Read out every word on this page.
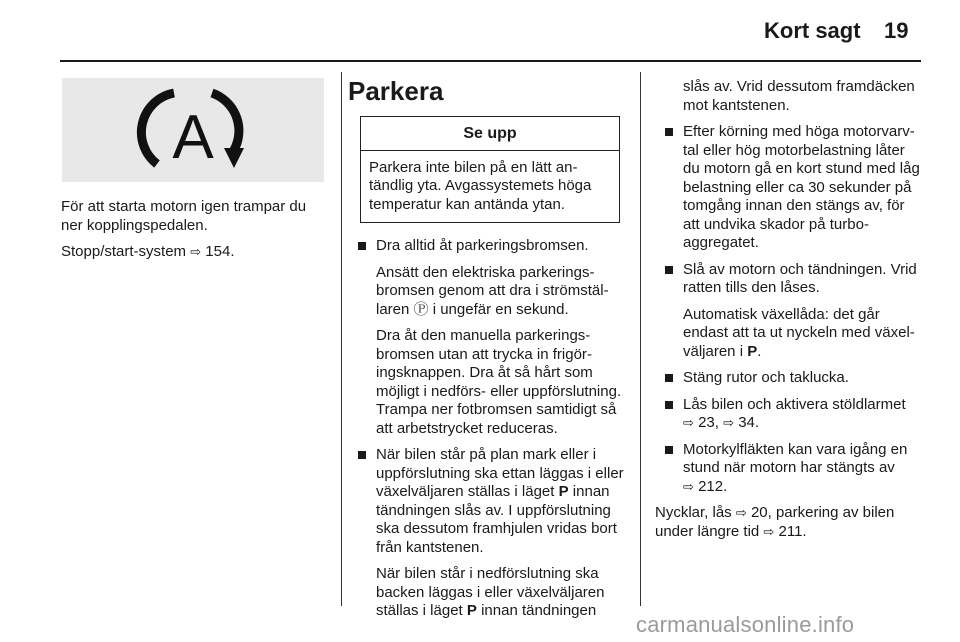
Kort sagt 19
A

För att starta motorn igen trampar du ner kopplingspedalen.

Stopp/start-system ⇨ 154.

Parkera
Se upp
Parkera inte bilen på en lätt antändlig yta. Avgassystemets höga temperatur kan antända ytan.

Dra alltid åt parkeringsbromsen.

Ansätt den elektriska parkeringsbromsen genom att dra i strömställaren Ⓟ i ungefär en sekund.

Dra åt den manuella parkeringsbromsen utan att trycka in frigöringsknappen. Dra åt så hårt som möjligt i nedförs- eller uppförslutning. Trampa ner fotbromsen samtidigt så att arbetstrycket reduceras.

När bilen står på plan mark eller i uppförslutning ska ettan läggas i eller växelväljaren ställas i läget P innan tändningen slås av. I uppförslutning ska dessutom framhjulen vridas bort från kantstenen.

När bilen står i nedförslutning ska backen läggas i eller växelväljaren ställas i läget P innan tändningen

slås av. Vrid dessutom framdäcken mot kantstenen.

Efter körning med höga motorvarvtal eller hög motorbelastning låter du motorn gå en kort stund med låg belastning eller ca 30 sekunder på tomgång innan den stängs av, för att undvika skador på turboaggregatet.

Slå av motorn och tändningen. Vrid ratten tills den låses.

Automatisk växellåda: det går endast att ta ut nyckeln med växelväljaren i P.

Stäng rutor och taklucka.

Lås bilen och aktivera stöldlarmet
⇨ 23, ⇨ 34.

Motorkylfläkten kan vara igång en stund när motorn har stängts av
⇨ 212.

Nycklar, lås ⇨ 20, parkering av bilen under längre tid ⇨ 211.

carmanualsonline.info
